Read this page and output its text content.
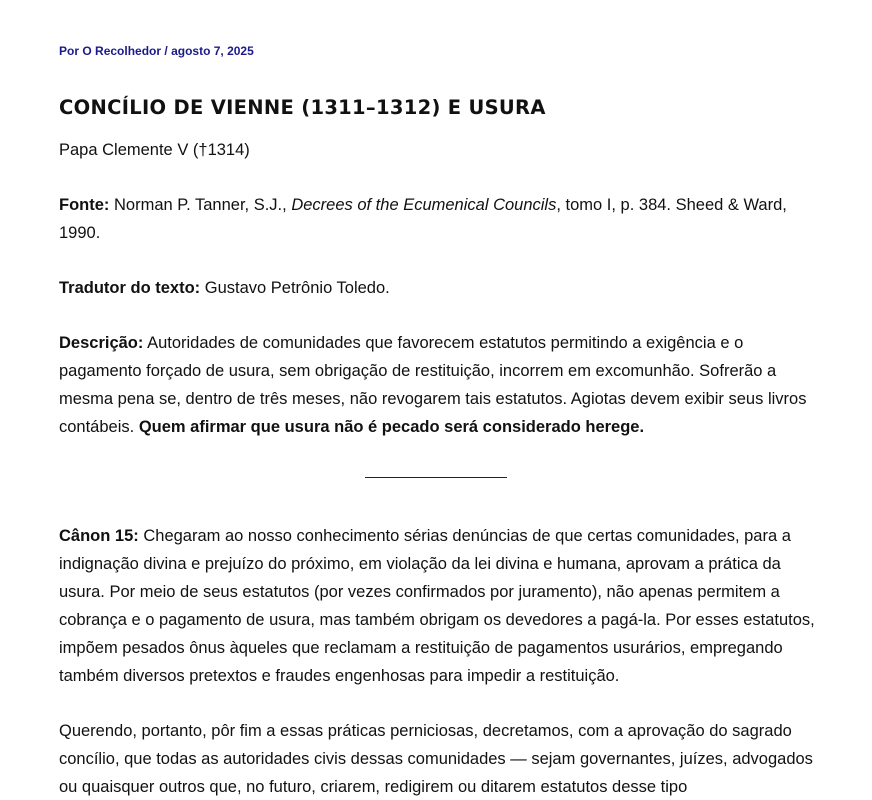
Por O Recolhedor / agosto 7, 2025
CONCÍLIO DE VIENNE (1311–1312) E USURA

Papa Clemente V (†1314)

Fonte: Norman P. Tanner, S.J., Decrees of the Ecumenical Councils, tomo I, p. 384. Sheed & Ward, 1990.

Tradutor do texto: Gustavo Petrônio Toledo.

Descrição: Autoridades de comunidades que favorecem estatutos permitindo a exigência e o pagamento forçado de usura, sem obrigação de restituição, incorrem em excomunhão. Sofrerão a mesma pena se, dentro de três meses, não revogarem tais estatutos. Agiotas devem exibir seus livros contábeis. Quem afirmar que usura não é pecado será considerado herege.

Cânon 15: Chegaram ao nosso conhecimento sérias denúncias de que certas comunidades, para a indignação divina e prejuízo do próximo, em violação da lei divina e humana, aprovam a prática da usura. Por meio de seus estatutos (por vezes confirmados por juramento), não apenas permitem a cobrança e o pagamento de usura, mas também obrigam os devedores a pagá-la. Por esses estatutos, impõem pesados ônus àqueles que reclamam a restituição de pagamentos usurários, empregando também diversos pretextos e fraudes engenhosas para impedir a restituição.

Querendo, portanto, pôr fim a essas práticas perniciosas, decretamos, com a aprovação do sagrado concílio, que todas as autoridades civis dessas comunidades — sejam governantes, juízes, advogados ou quaisquer outros que, no futuro, criarem, redigirem ou ditarem estatutos desse tipo
